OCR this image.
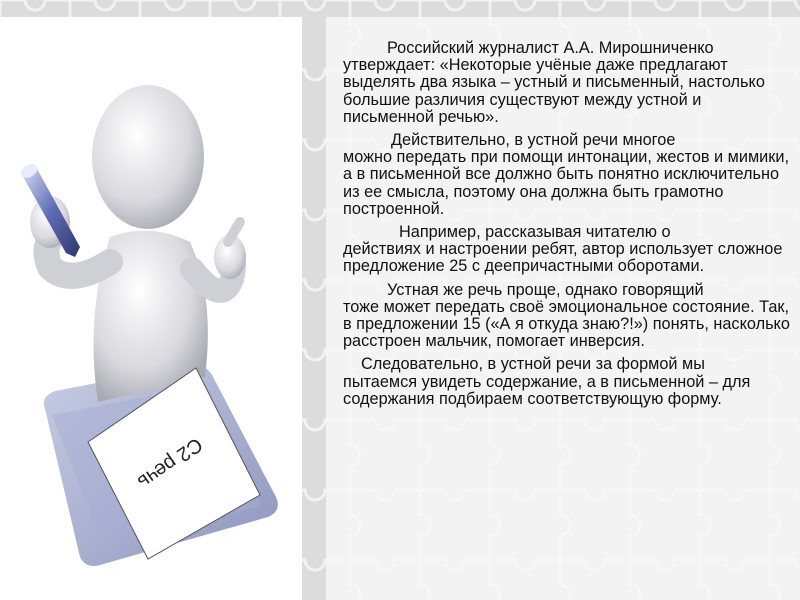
С2 речь

Российский журналист А.А. Мирошниченко
утверждает: «Некоторые учёные даже предлагают выделять два языка – устный и письменный, настолько большие различия существуют между устной и письменной речью».

Действительно, в устной речи многое
можно передать при помощи интонации, жестов и мимики, а в письменной все должно быть понятно исключительно из ее смысла, поэтому она должна быть грамотно построенной.

Например, рассказывая читателю о
действиях и настроении ребят, автор использует сложное предложение 25 с деепричастными оборотами.

Устная же речь проще, однако говорящий
тоже может передать своё эмоциональное состояние. Так, в предложении 15 («А я откуда знаю?!») понять, насколько расстроен мальчик, помогает инверсия.

Следовательно, в устной речи за формой мы
пытаемся увидеть содержание, а в письменной – для содержания подбираем соответствующую форму.
